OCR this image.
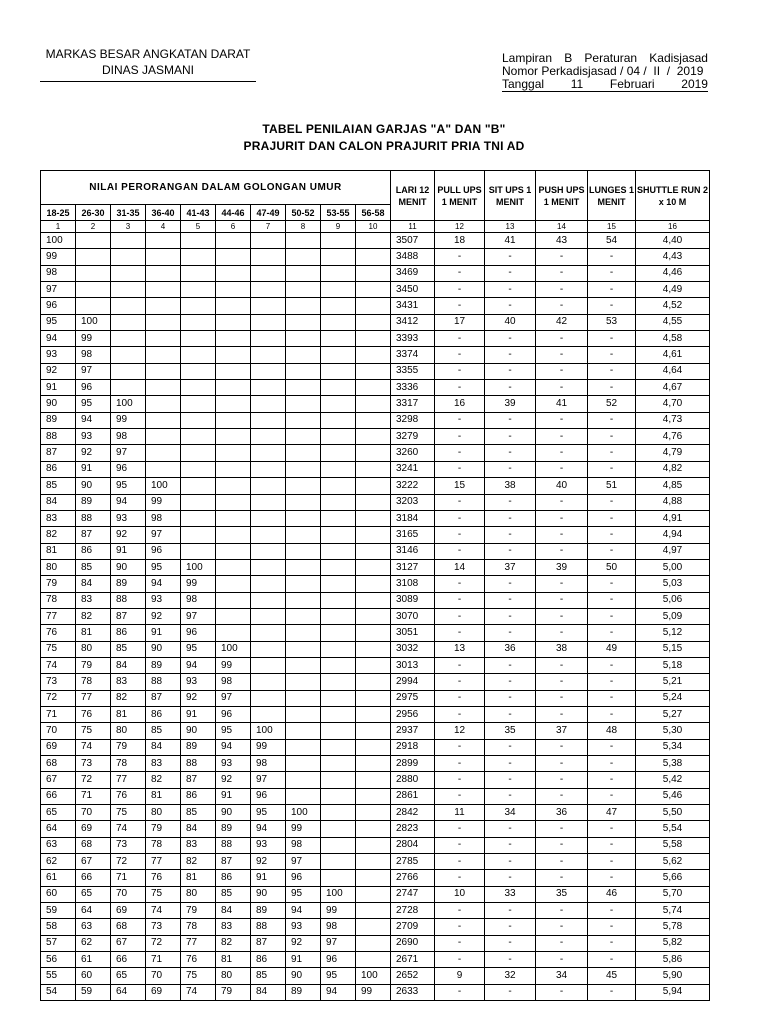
MARKAS BESAR ANGKATAN DARAT
DINAS JASMANI
Lampiran B Peraturan Kadisjasad
Nomor Perkadisjasad / 04 /  II  /  2019
Tanggal 11 Februari 2019
TABEL PENILAIAN GARJAS "A" DAN "B"
PRAJURIT DAN CALON PRAJURIT PRIA TNI AD
NILAI PERORANGAN DALAM GOLONGAN UMUR										LARI 12 MENIT	PULL UPS 1 MENIT	SIT UPS 1 MENIT	PUSH UPS 1 MENIT	LUNGES 1 MENIT	SHUTTLE RUN 2 x 10 M
18-25	26-30	31-35	36-40	41-43	44-46	47-49	50-52	53-55	56-58						
1	2	3	4	5	6	7	8	9	10	11	12	13	14	15	16
100										3507	18	41	43	54	4,40
99										3488	-	-	-	-	4,43
98										3469	-	-	-	-	4,46
97										3450	-	-	-	-	4,49
96										3431	-	-	-	-	4,52
95	100									3412	17	40	42	53	4,55
94	99									3393	-	-	-	-	4,58
93	98									3374	-	-	-	-	4,61
92	97									3355	-	-	-	-	4,64
91	96									3336	-	-	-	-	4,67
90	95	100								3317	16	39	41	52	4,70
89	94	99								3298	-	-	-	-	4,73
88	93	98								3279	-	-	-	-	4,76
87	92	97								3260	-	-	-	-	4,79
86	91	96								3241	-	-	-	-	4,82
85	90	95	100							3222	15	38	40	51	4,85
84	89	94	99							3203	-	-	-	-	4,88
83	88	93	98							3184	-	-	-	-	4,91
82	87	92	97							3165	-	-	-	-	4,94
81	86	91	96							3146	-	-	-	-	4,97
80	85	90	95	100						3127	14	37	39	50	5,00
79	84	89	94	99						3108	-	-	-	-	5,03
78	83	88	93	98						3089	-	-	-	-	5,06
77	82	87	92	97						3070	-	-	-	-	5,09
76	81	86	91	96						3051	-	-	-	-	5,12
75	80	85	90	95	100					3032	13	36	38	49	5,15
74	79	84	89	94	99					3013	-	-	-	-	5,18
73	78	83	88	93	98					2994	-	-	-	-	5,21
72	77	82	87	92	97					2975	-	-	-	-	5,24
71	76	81	86	91	96					2956	-	-	-	-	5,27
70	75	80	85	90	95	100				2937	12	35	37	48	5,30
69	74	79	84	89	94	99				2918	-	-	-	-	5,34
68	73	78	83	88	93	98				2899	-	-	-	-	5,38
67	72	77	82	87	92	97				2880	-	-	-	-	5,42
66	71	76	81	86	91	96				2861	-	-	-	-	5,46
65	70	75	80	85	90	95	100			2842	11	34	36	47	5,50
64	69	74	79	84	89	94	99			2823	-	-	-	-	5,54
63	68	73	78	83	88	93	98			2804	-	-	-	-	5,58
62	67	72	77	82	87	92	97			2785	-	-	-	-	5,62
61	66	71	76	81	86	91	96			2766	-	-	-	-	5,66
60	65	70	75	80	85	90	95	100		2747	10	33	35	46	5,70
59	64	69	74	79	84	89	94	99		2728	-	-	-	-	5,74
58	63	68	73	78	83	88	93	98		2709	-	-	-	-	5,78
57	62	67	72	77	82	87	92	97		2690	-	-	-	-	5,82
56	61	66	71	76	81	86	91	96		2671	-	-	-	-	5,86
55	60	65	70	75	80	85	90	95	100	2652	9	32	34	45	5,90
54	59	64	69	74	79	84	89	94	99	2633	-	-	-	-	5,94
